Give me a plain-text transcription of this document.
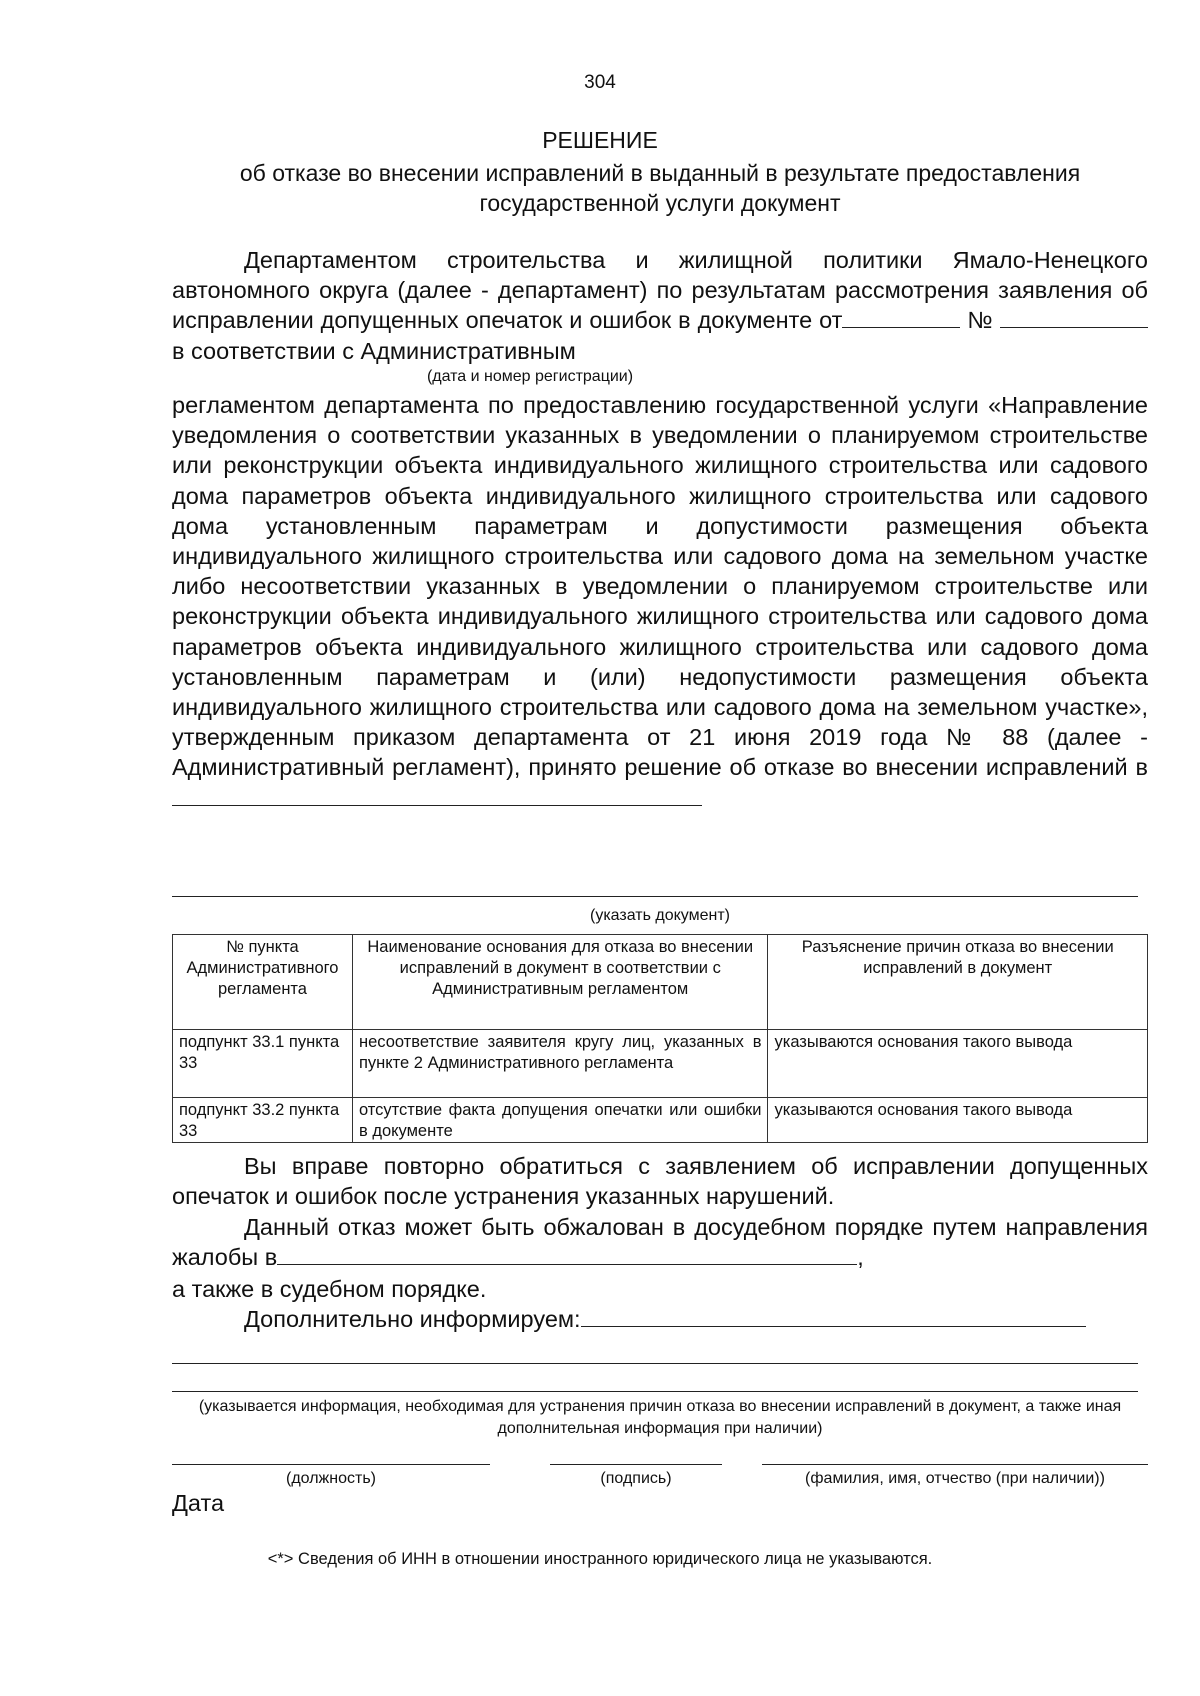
304
РЕШЕНИЕ
об отказе во внесении исправлений в выданный в результате предоставления государственной услуги документ
Департаментом строительства и жилищной политики Ямало-Ненецкого автономного округа (далее - департамент) по результатам рассмотрения заявления об исправлении допущенных опечаток и ошибок в документе от	№  в соответствии с Административным
(дата и номер регистрации)
регламентом департамента по предоставлению государственной услуги «Направление уведомления о соответствии указанных в уведомлении о планируемом строительстве или реконструкции объекта индивидуального жилищного строительства или садового дома параметров объекта индивидуального жилищного строительства или садового дома установленным параметрам и допустимости размещения объекта индивидуального жилищного строительства или садового дома на земельном участке либо несоответствии указанных в уведомлении о планируемом строительстве или реконструкции объекта индивидуального жилищного строительства или садового дома параметров объекта индивидуального жилищного строительства или садового дома установленным параметрам и (или) недопустимости размещения объекта индивидуального жилищного строительства или садового дома на земельном участке», утвержденным приказом департамента от 21 июня 2019 года № 88 (далее - Административный регламент), принято решение об отказе во внесении исправлений в
(указать документ)
№ пункта Административного регламента	Наименование основания для отказа во внесении исправлений в документ в соответствии с Административным регламентом	Разъяснение причин отказа во внесении исправлений в документ
подпункт 33.1 пункта 33	несоответствие заявителя кругу лиц, указанных в пункте 2 Административного регламента	указываются основания такого вывода
подпункт 33.2 пункта 33	отсутствие факта допущения опечатки или ошибки в документе	указываются основания такого вывода
Вы вправе повторно обратиться с заявлением об исправлении допущенных опечаток и ошибок после устранения указанных нарушений.
Данный отказ может быть обжалован в досудебном порядке путем направления жалобы в	,
а также в судебном порядке.
Дополнительно информируем:
(указывается информация, необходимая для устранения причин отказа во внесении исправлений в документ, а также иная дополнительная информация при наличии)
(должность)	(подпись)	(фамилия, имя, отчество (при наличии))
Дата
<*> Сведения об ИНН в отношении иностранного юридического лица не указываются.
